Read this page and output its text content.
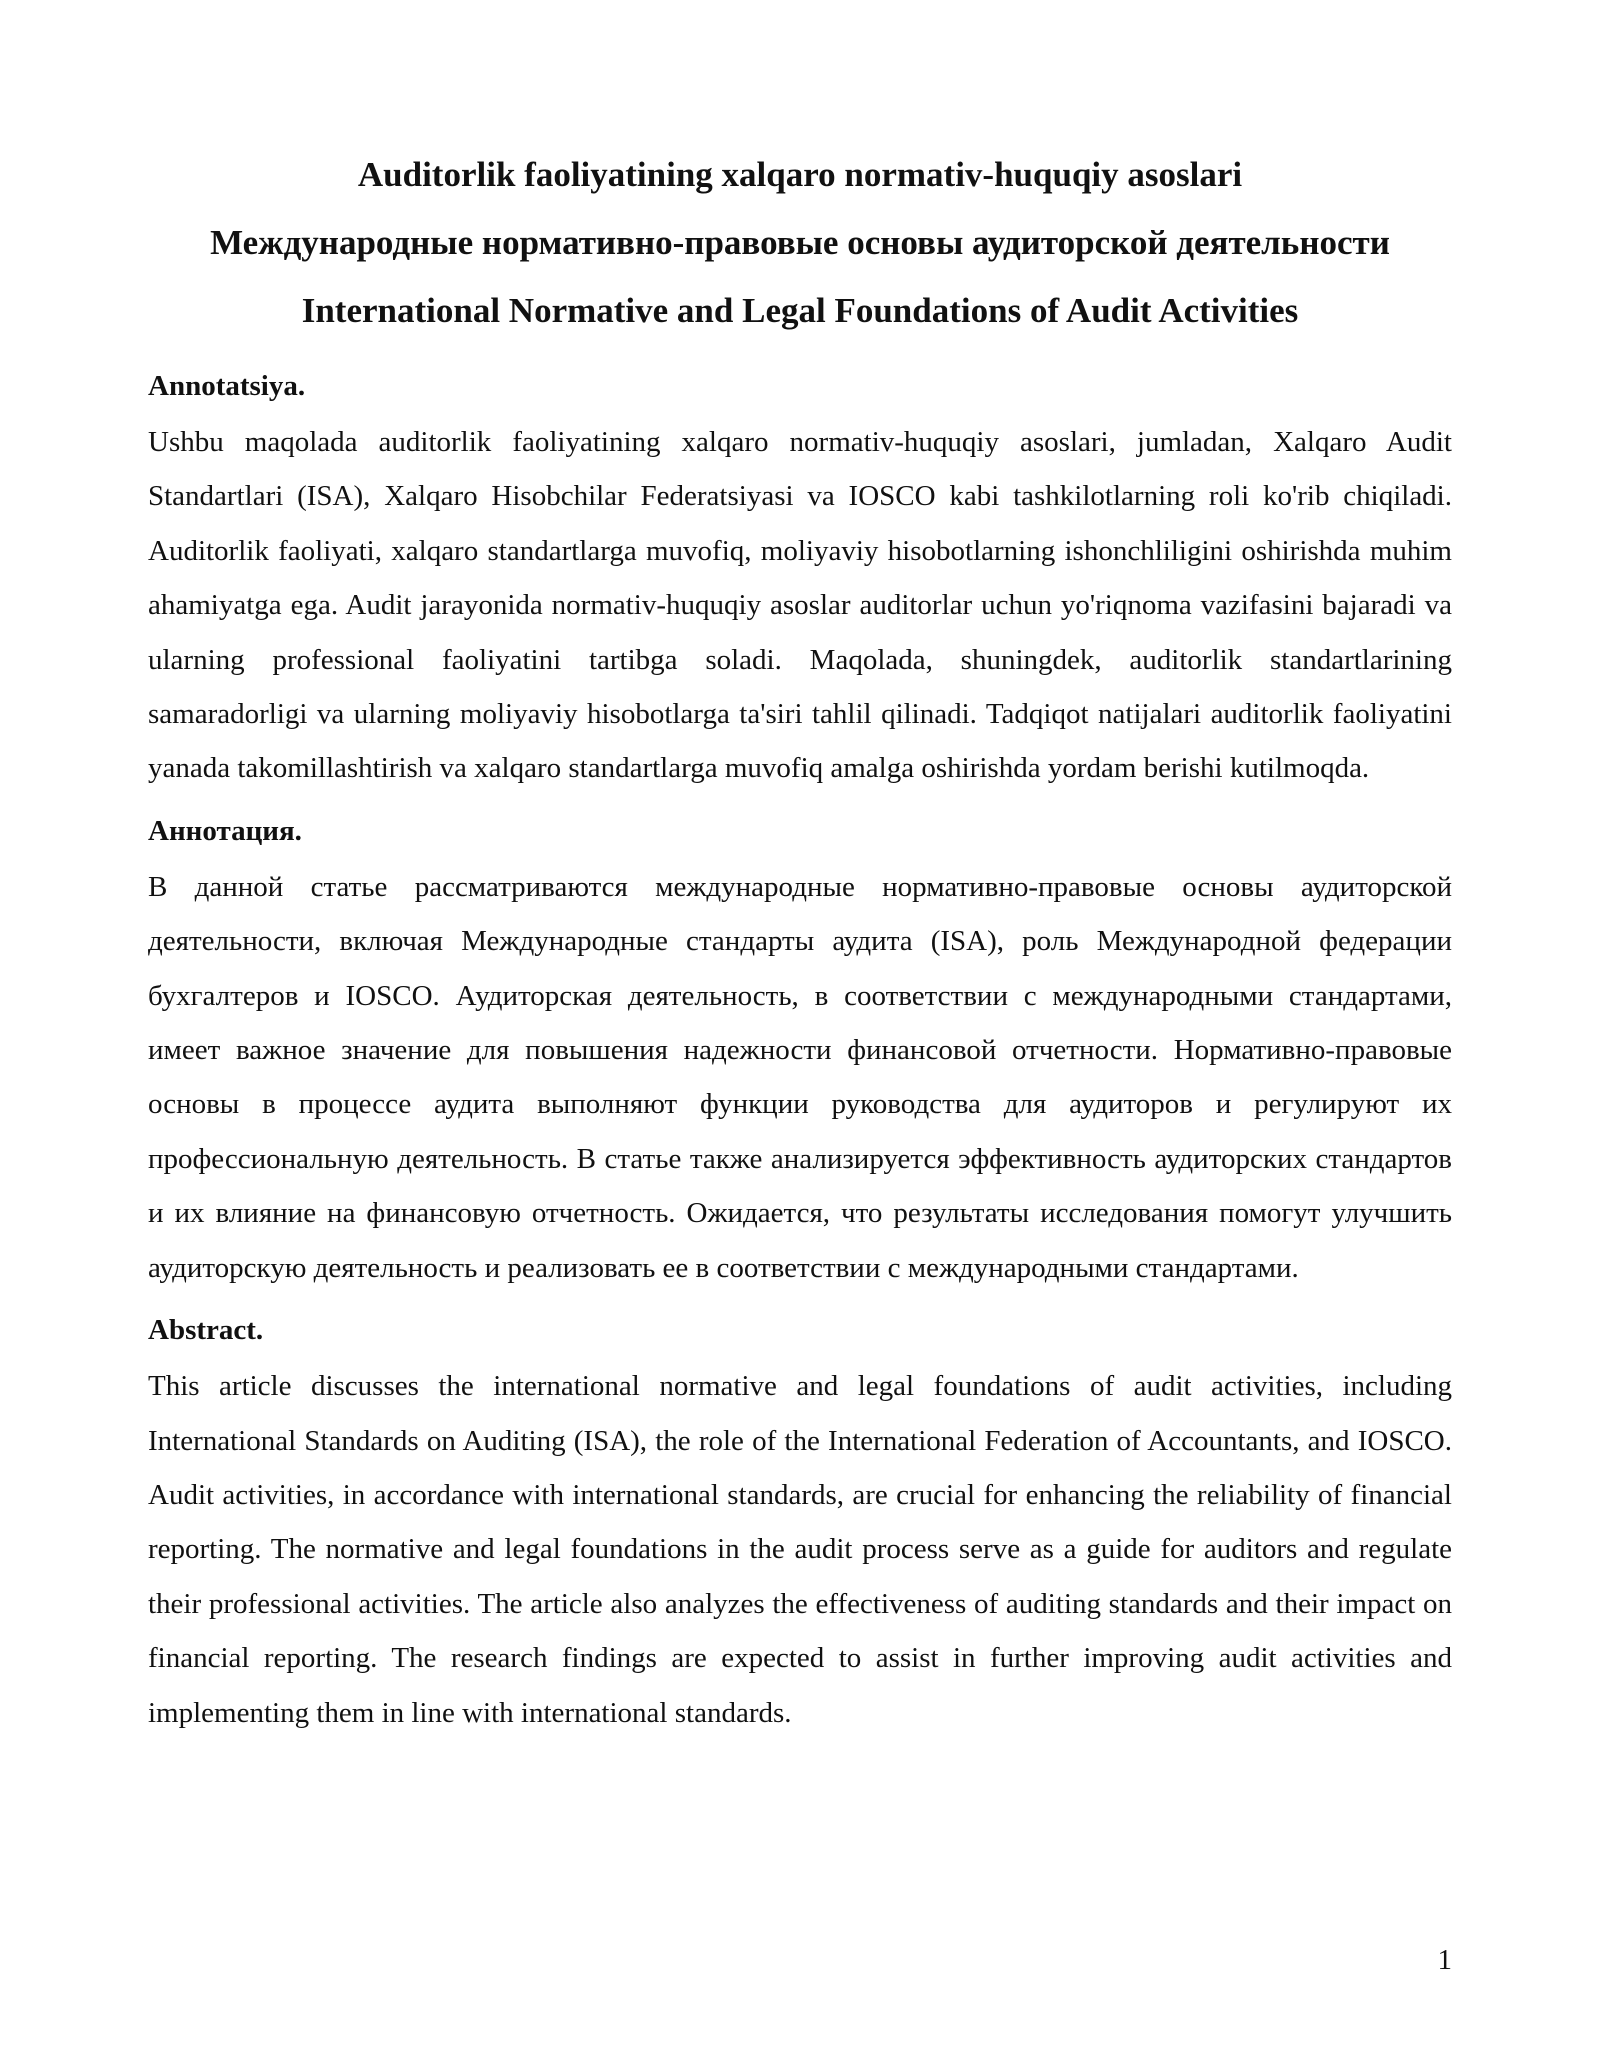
Auditorlik faoliyatining xalqaro normativ-huquqiy asoslari

Международные нормативно-правовые основы аудиторской деятельности

International Normative and Legal Foundations of Audit Activities

Annotatsiya.

Ushbu maqolada auditorlik faoliyatining xalqaro normativ-huquqiy asoslari, jumladan, Xalqaro Audit Standartlari (ISA), Xalqaro Hisobchilar Federatsiyasi va IOSCO kabi tashkilotlarning roli ko'rib chiqiladi. Auditorlik faoliyati, xalqaro standartlarga muvofiq, moliyaviy hisobotlarning ishonchliligini oshirishda muhim ahamiyatga ega. Audit jarayonida normativ-huquqiy asoslar auditorlar uchun yo'riqnoma vazifasini bajaradi va ularning professional faoliyatini tartibga soladi. Maqolada, shuningdek, auditorlik standartlarining samaradorligi va ularning moliyaviy hisobotlarga ta'siri tahlil qilinadi. Tadqiqot natijalari auditorlik faoliyatini yanada takomillashtirish va xalqaro standartlarga muvofiq amalga oshirishda yordam berishi kutilmoqda.

Аннотация.

В данной статье рассматриваются международные нормативно-правовые основы аудиторской деятельности, включая Международные стандарты аудита (ISA), роль Международной федерации бухгалтеров и IOSCO. Аудиторская деятельность, в соответствии с международными стандартами, имеет важное значение для повышения надежности финансовой отчетности. Нормативно-правовые основы в процессе аудита выполняют функции руководства для аудиторов и регулируют их профессиональную деятельность. В статье также анализируется эффективность аудиторских стандартов и их влияние на финансовую отчетность. Ожидается, что результаты исследования помогут улучшить аудиторскую деятельность и реализовать ее в соответствии с международными стандартами.

Abstract.

This article discusses the international normative and legal foundations of audit activities, including International Standards on Auditing (ISA), the role of the International Federation of Accountants, and IOSCO. Audit activities, in accordance with international standards, are crucial for enhancing the reliability of financial reporting. The normative and legal foundations in the audit process serve as a guide for auditors and regulate their professional activities. The article also analyzes the effectiveness of auditing standards and their impact on financial reporting. The research findings are expected to assist in further improving audit activities and implementing them in line with international standards.

1
